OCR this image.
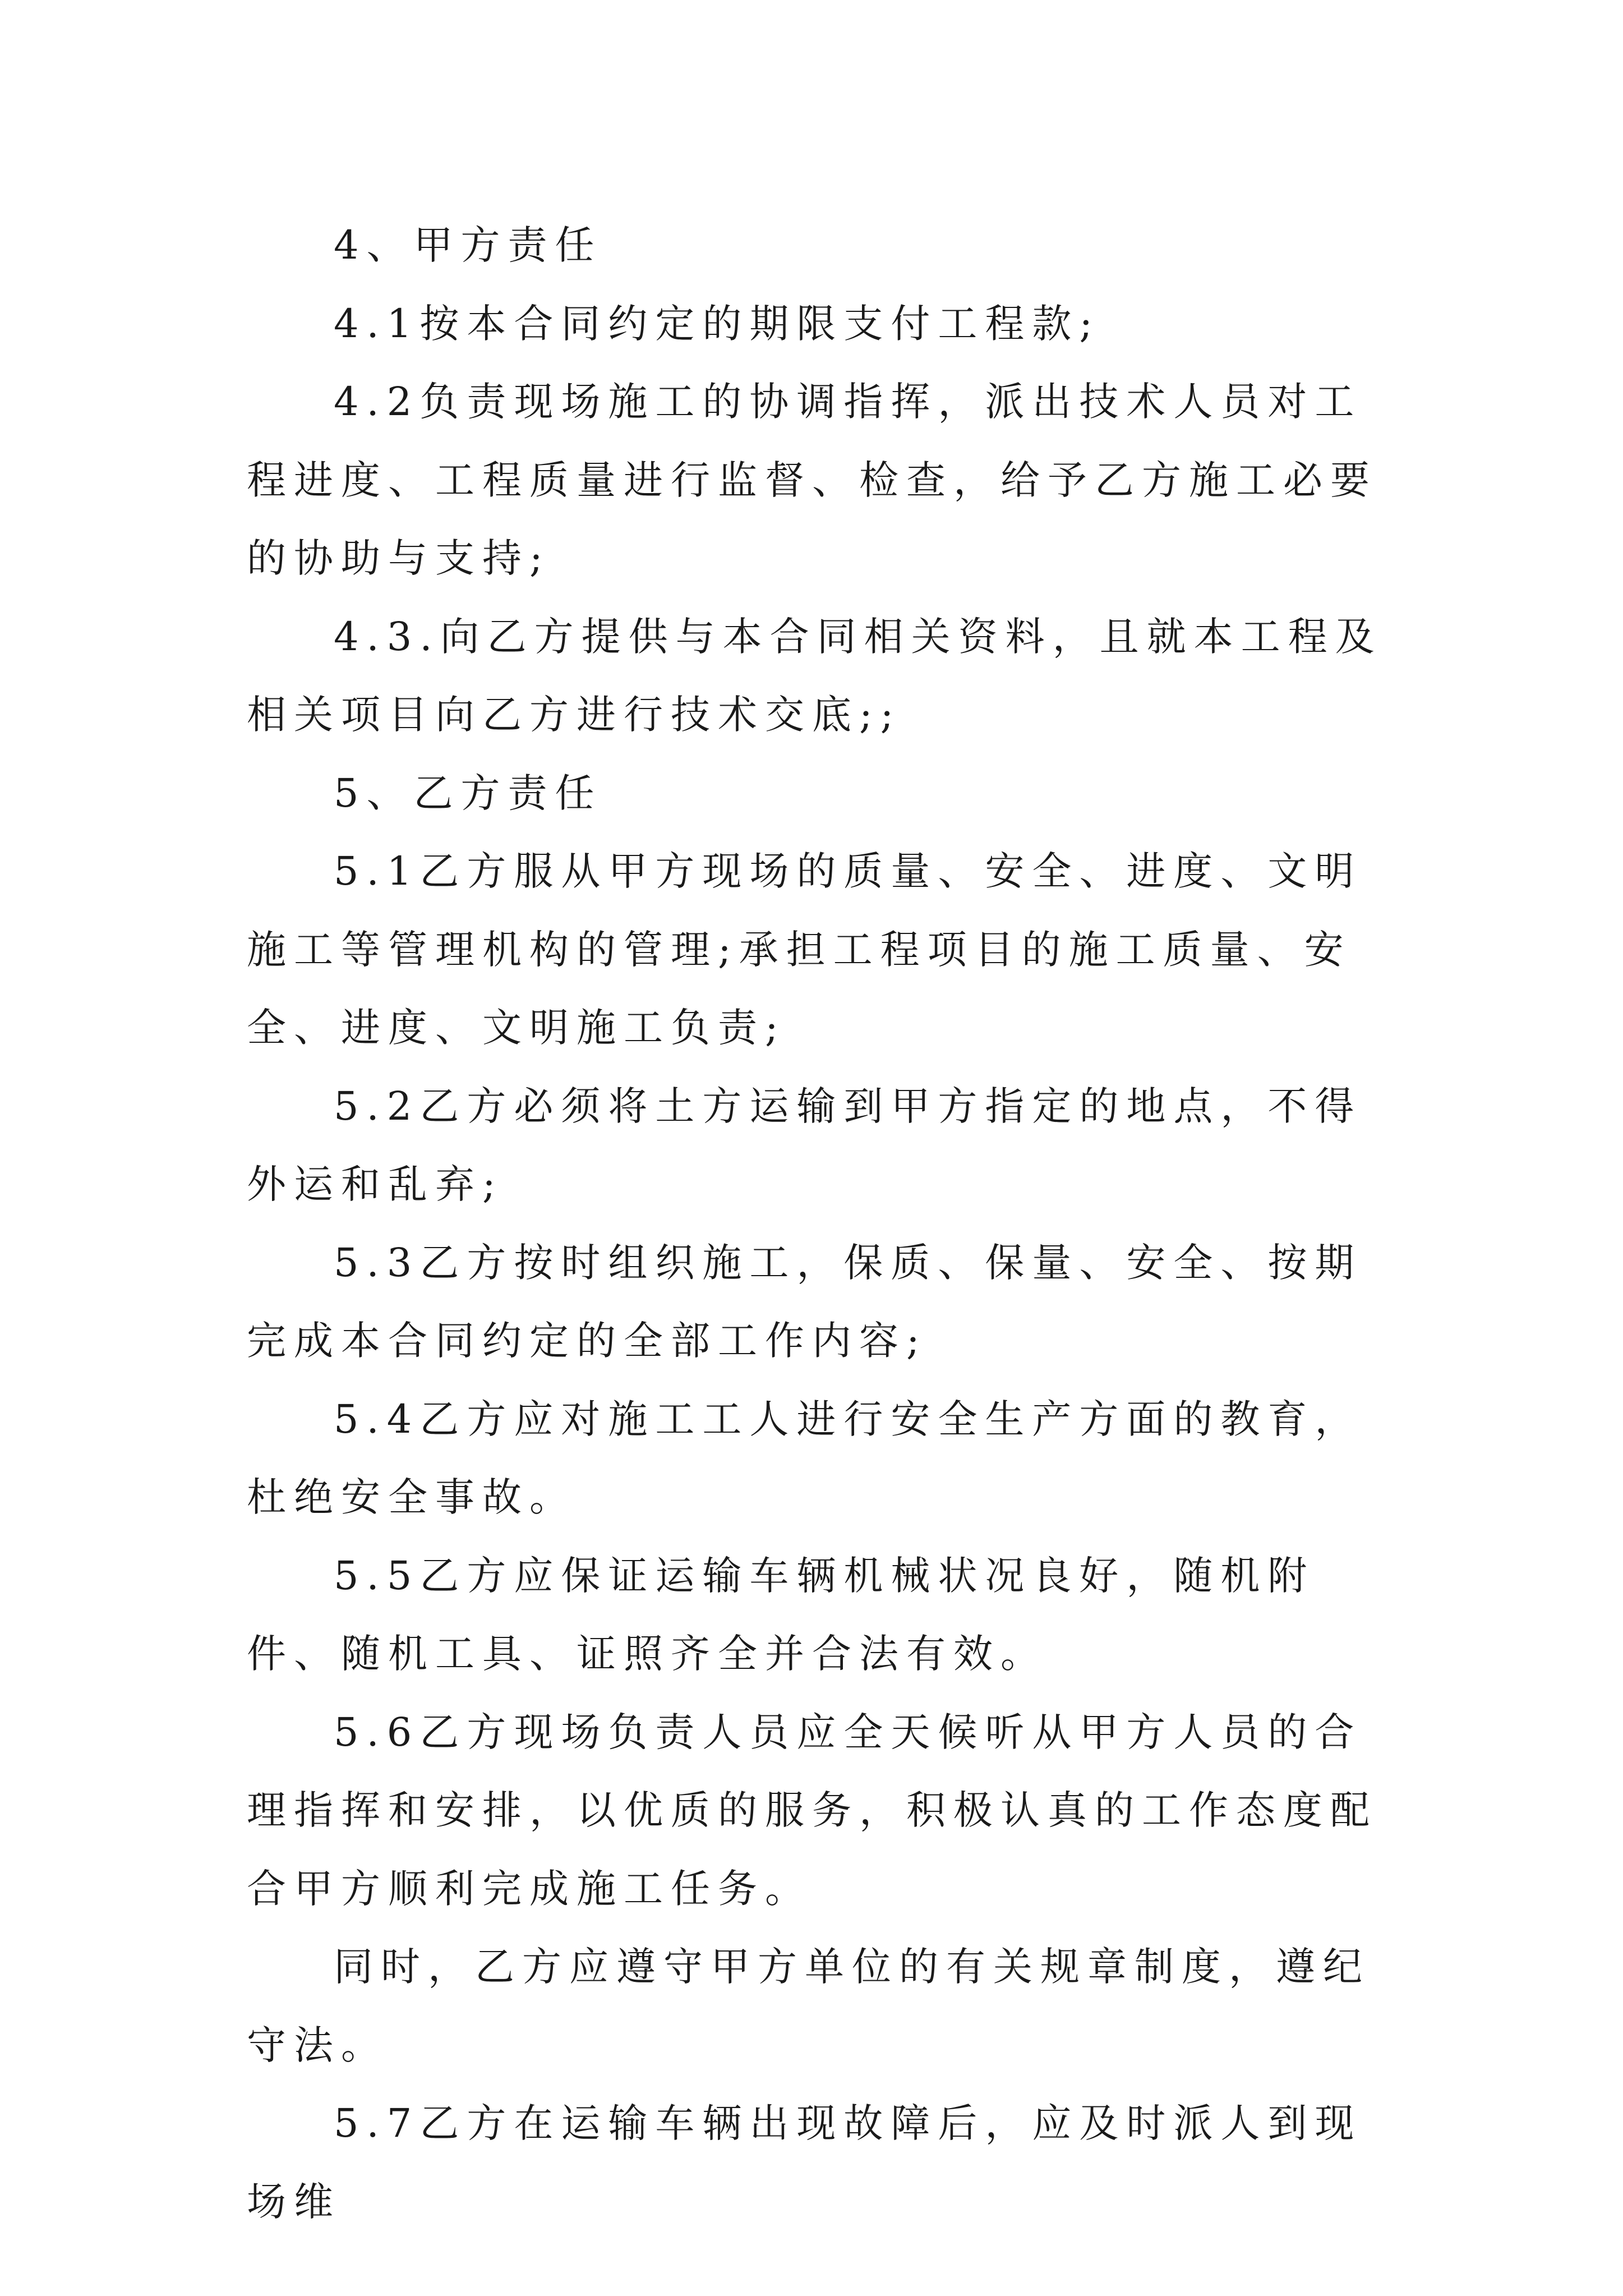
4、甲方责任

4.1按本合同约定的期限支付工程款;

4.2负责现场施工的协调指挥，派出技术人员对工程进度、工程质量进行监督、检查，给予乙方施工必要的协助与支持;

4.3.向乙方提供与本合同相关资料，且就本工程及相关项目向乙方进行技术交底;;

5、乙方责任

5.1乙方服从甲方现场的质量、安全、进度、文明施工等管理机构的管理;承担工程项目的施工质量、安全、进度、文明施工负责;

5.2乙方必须将土方运输到甲方指定的地点，不得外运和乱弃;

5.3乙方按时组织施工，保质、保量、安全、按期完成本合同约定的全部工作内容;

5.4乙方应对施工工人进行安全生产方面的教育，杜绝安全事故。

5.5乙方应保证运输车辆机械状况良好，随机附件、随机工具、证照齐全并合法有效。

5.6乙方现场负责人员应全天候听从甲方人员的合理指挥和安排，以优质的服务，积极认真的工作态度配合甲方顺利完成施工任务。

同时，乙方应遵守甲方单位的有关规章制度，遵纪守法。

5.7乙方在运输车辆出现故障后，应及时派人到现场维
